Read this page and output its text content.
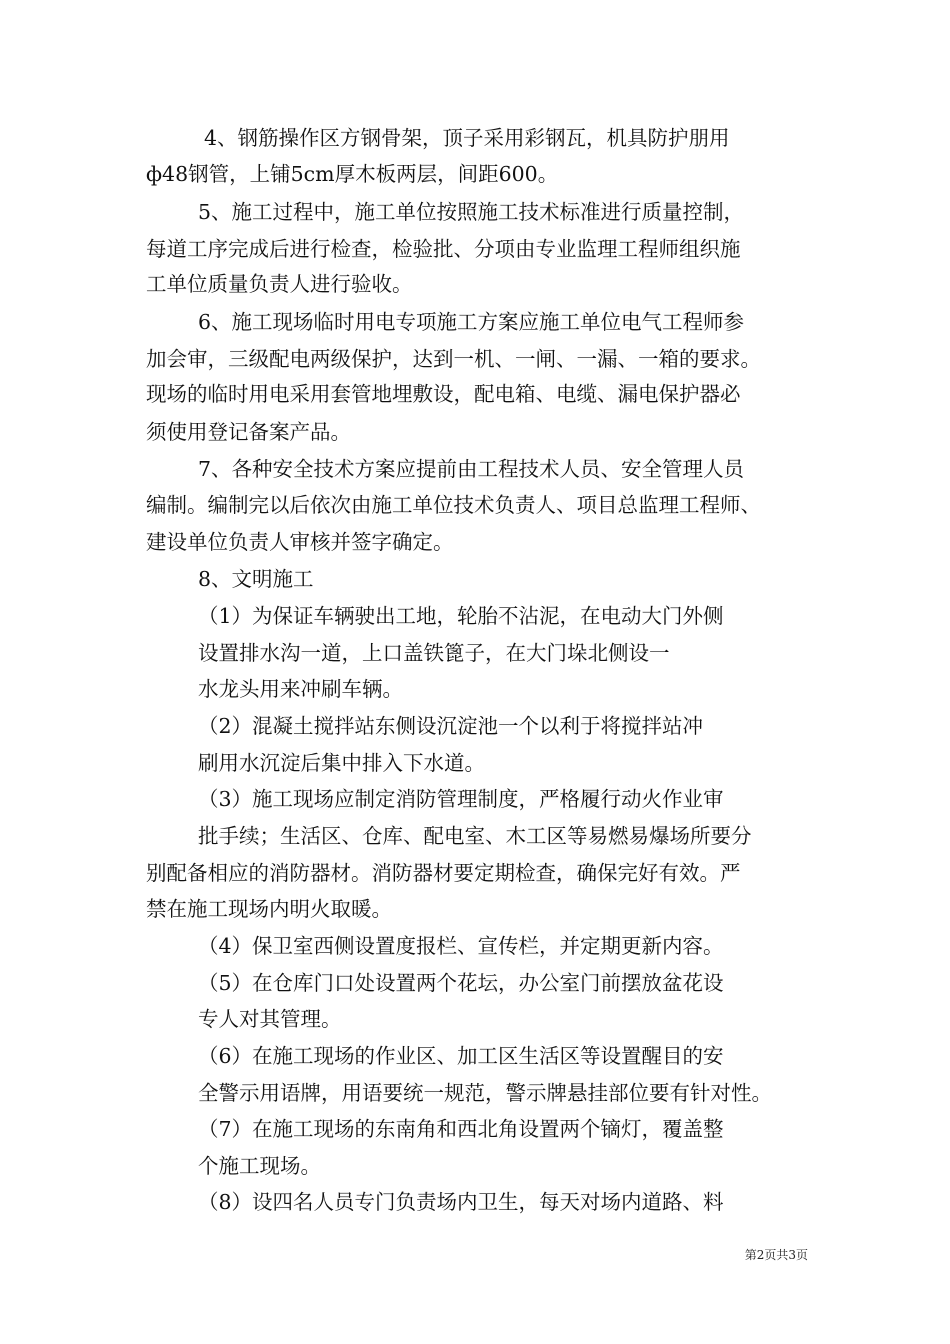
4、钢筋操作区方钢骨架，顶子采用彩钢瓦，机具防护朋用
ф48钢管，上铺5cm厚木板两层，间距600。
5、施工过程中，施工单位按照施工技术标准进行质量控制，
每道工序完成后进行检查，检验批、分项由专业监理工程师组织施
工单位质量负责人进行验收。
6、施工现场临时用电专项施工方案应施工单位电气工程师参
加会审，三级配电两级保护，达到一机、一闸、一漏、一箱的要求。
现场的临时用电采用套管地埋敷设，配电箱、电缆、漏电保护器必
须使用登记备案产品。
7、各种安全技术方案应提前由工程技术人员、安全管理人员
编制。编制完以后依次由施工单位技术负责人、项目总监理工程师、
建设单位负责人审核并签字确定。
8、文明施工
（1）为保证车辆驶出工地，轮胎不沾泥，在电动大门外侧
设置排水沟一道，上口盖铁篦子，在大门垛北侧设一
水龙头用来冲刷车辆。
（2）混凝土搅拌站东侧设沉淀池一个以利于将搅拌站冲
刷用水沉淀后集中排入下水道。
（3）施工现场应制定消防管理制度，严格履行动火作业审
批手续；生活区、仓库、配电室、木工区等易燃易爆场所要分
别配备相应的消防器材。消防器材要定期检查，确保完好有效。严
禁在施工现场内明火取暖。
（4）保卫室西侧设置度报栏、宣传栏，并定期更新内容。
（5）在仓库门口处设置两个花坛，办公室门前摆放盆花设
专人对其管理。
（6）在施工现场的作业区、加工区生活区等设置醒目的安
全警示用语牌，用语要统一规范，警示牌悬挂部位要有针对性。
（7）在施工现场的东南角和西北角设置两个镝灯，覆盖整
个施工现场。
（8）设四名人员专门负责场内卫生，每天对场内道路、料
第2页共3页
